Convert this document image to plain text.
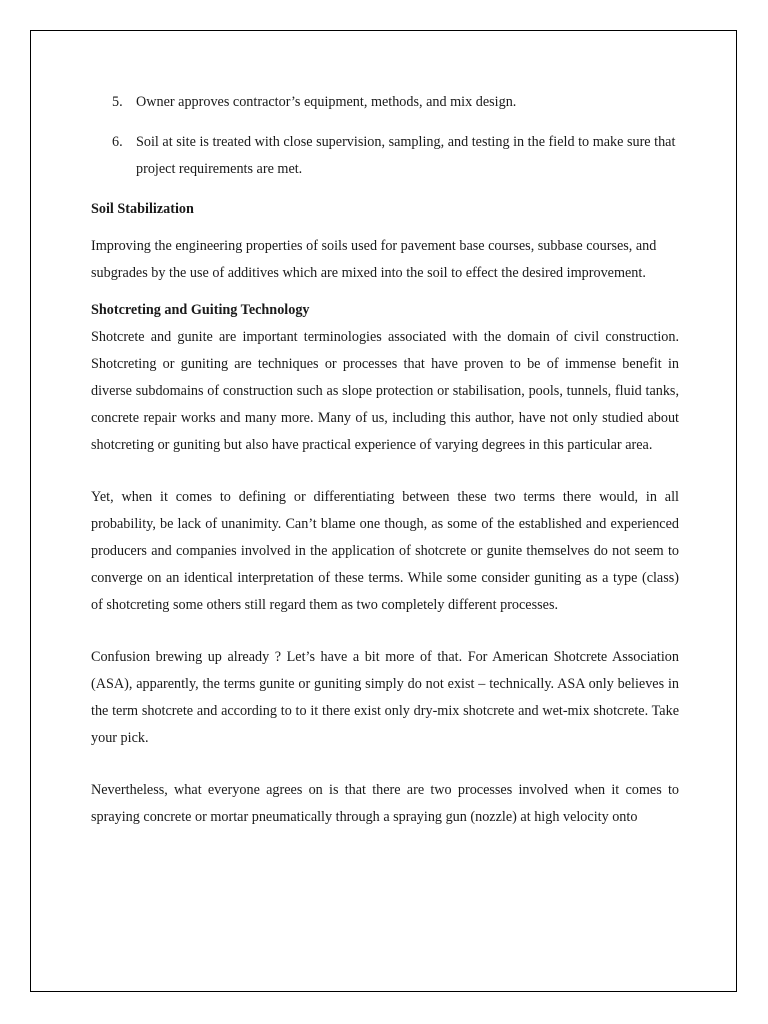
5. Owner approves contractor’s equipment, methods, and mix design.
6. Soil at site is treated with close supervision, sampling, and testing in the field to make sure that project requirements are met.

Soil Stabilization

Improving the engineering properties of soils used for pavement base courses, subbase courses, and subgrades by the use of additives which are mixed into the soil to effect the desired improvement.

Shotcreting and Guiting Technology

Shotcrete and gunite are important terminologies associated with the domain of civil construction. Shotcreting or guniting are techniques or processes that have proven to be of immense benefit in diverse subdomains of construction such as slope protection or stabilisation, pools, tunnels, fluid tanks, concrete repair works and many more. Many of us, including this author, have not only studied about shotcreting or guniting but also have practical experience of varying degrees in this particular area.

Yet, when it comes to defining or differentiating between these two terms there would, in all probability, be lack of unanimity. Can’t blame one though, as some of the established and experienced producers and companies involved in the application of shotcrete or gunite themselves do not seem to converge on an identical interpretation of these terms. While some consider guniting as a type (class) of shotcreting some others still regard them as two completely different processes.

Confusion brewing up already ? Let’s have a bit more of that. For American Shotcrete Association (ASA), apparently, the terms gunite or guniting simply do not exist – technically. ASA only believes in the term shotcrete and according to to it there exist only dry-mix shotcrete and wet-mix shotcrete. Take your pick.

Nevertheless, what everyone agrees on is that there are two processes involved when it comes to spraying concrete or mortar pneumatically through a spraying gun (nozzle) at high velocity onto
